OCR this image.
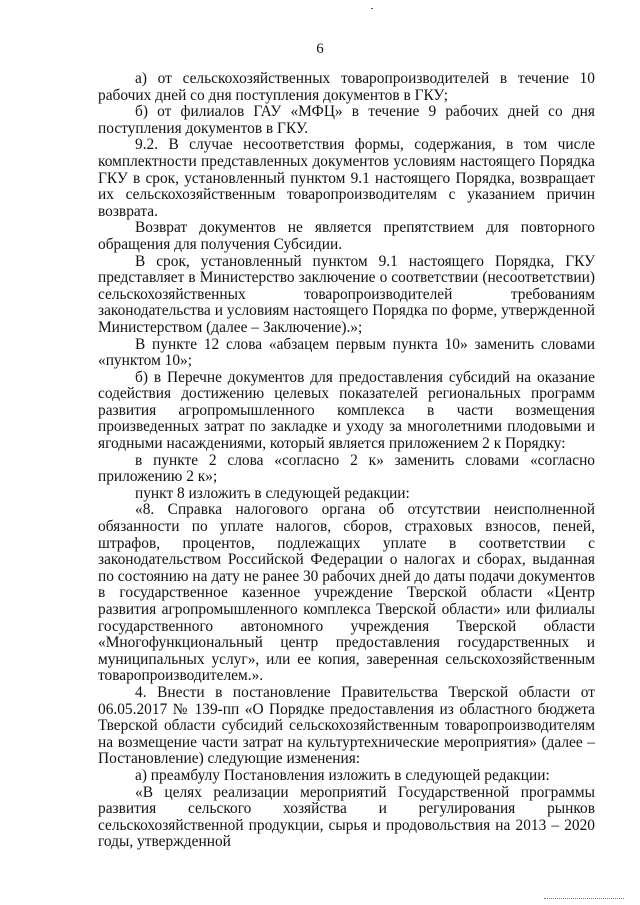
6

а) от сельскохозяйственных товаропроизводителей в течение 10 рабочих дней со дня поступления документов в ГКУ;

б) от филиалов ГАУ «МФЦ» в течение 9 рабочих дней со дня поступления документов в ГКУ.

9.2. В случае несоответствия формы, содержания, в том числе комплектности представленных документов условиям настоящего Порядка ГКУ в срок, установленный пунктом 9.1 настоящего Порядка, возвращает их сельскохозяйственным товаропроизводителям с указанием причин возврата.

Возврат документов не является препятствием для повторного обращения для получения Субсидии.

В срок, установленный пунктом 9.1 настоящего Порядка, ГКУ представляет в Министерство заключение о соответствии (несоответствии) сельскохозяйственных товаропроизводителей требованиям законодательства и условиям настоящего Порядка по форме, утвержденной Министерством (далее – Заключение).»;

В пункте 12 слова «абзацем первым пункта 10» заменить словами «пунктом 10»;

б) в Перечне документов для предоставления субсидий на оказание содействия достижению целевых показателей региональных программ развития агропромышленного комплекса в части возмещения произведенных затрат по закладке и уходу за многолетними плодовыми и ягодными насаждениями, который является приложением 2 к Порядку:

в пункте 2 слова «согласно 2 к» заменить словами «согласно приложению 2 к»;

пункт 8 изложить в следующей редакции:

«8. Справка налогового органа об отсутствии неисполненной обязанности по уплате налогов, сборов, страховых взносов, пеней, штрафов, процентов, подлежащих уплате в соответствии с законодательством Российской Федерации о налогах и сборах, выданная по состоянию на дату не ранее 30 рабочих дней до даты подачи документов в государственное казенное учреждение Тверской области «Центр развития агропромышленного комплекса Тверской области» или филиалы государственного автономного учреждения Тверской области «Многофункциональный центр предоставления государственных и муниципальных услуг», или ее копия, заверенная сельскохозяйственным товаропроизводителем.».

4. Внести в постановление Правительства Тверской области от 06.05.2017 № 139-пп «О Порядке предоставления из областного бюджета Тверской области субсидий сельскохозяйственным товаропроизводителям на возмещение части затрат на культуртехнические мероприятия» (далее – Постановление) следующие изменения:

а) преамбулу Постановления изложить в следующей редакции:

«В целях реализации мероприятий Государственной программы развития сельского хозяйства и регулирования рынков сельскохозяйственной продукции, сырья и продовольствия на 2013 – 2020 годы, утвержденной
